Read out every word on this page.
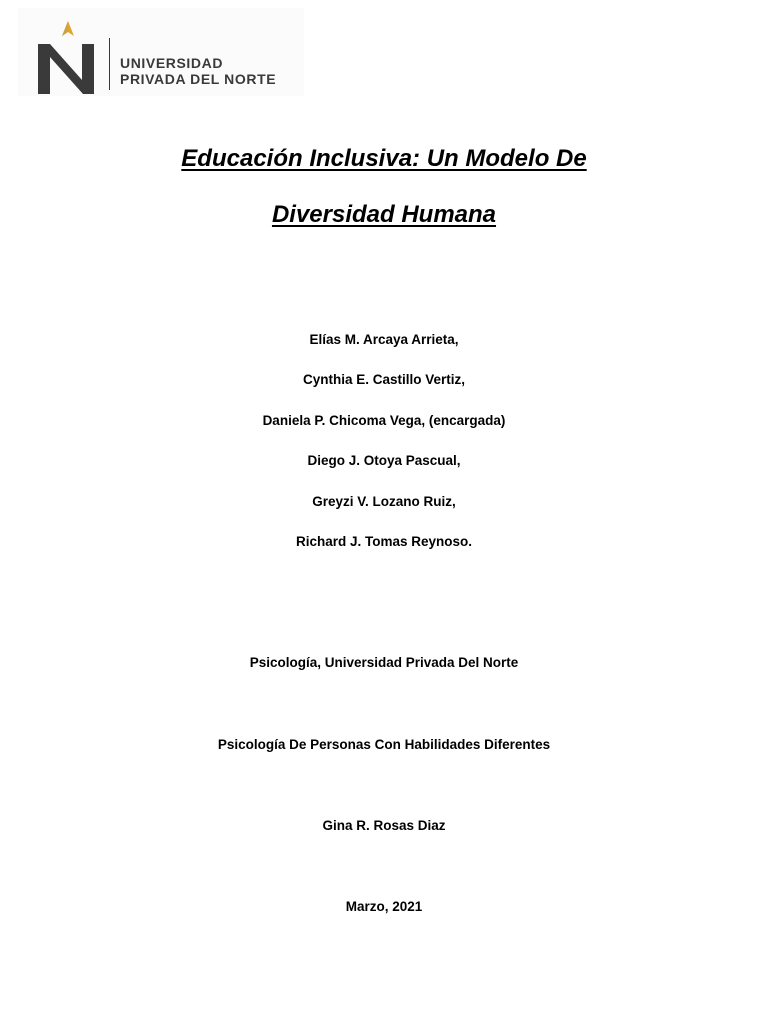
UNIVERSIDAD
PRIVADA DEL NORTE
Educación Inclusiva: Un Modelo De
Diversidad Humana
Elías M. Arcaya Arrieta,
Cynthia E. Castillo Vertiz,
Daniela P. Chicoma Vega, (encargada)
Diego J. Otoya Pascual,
Greyzi V. Lozano Ruiz,
Richard J. Tomas Reynoso.
Psicología, Universidad Privada Del Norte
Psicología De Personas Con Habilidades Diferentes
Gina R. Rosas Diaz
Marzo, 2021
